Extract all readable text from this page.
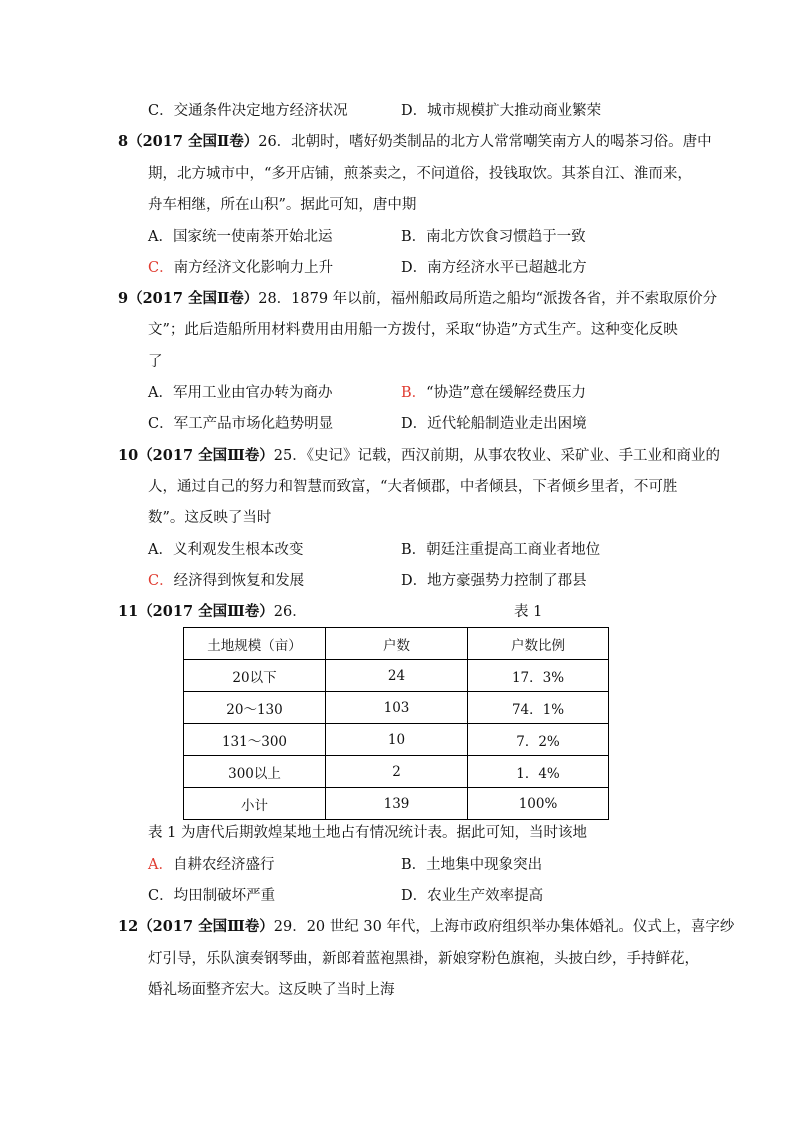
C．交通条件决定地方经济状况	D．城市规模扩大推动商业繁荣
8（2017 全国Ⅱ卷）26．北朝时，嗜好奶类制品的北方人常常嘲笑南方人的喝茶习俗。唐中
期，北方城市中，“多开店铺，煎茶卖之，不问道俗，投钱取饮。其茶自江、淮而来，
舟车相继，所在山积”。据此可知，唐中期
A．国家统一使南茶开始北运	B．南北方饮食习惯趋于一致
C．南方经济文化影响力上升	D．南方经济水平已超越北方
9（2017 全国Ⅱ卷）28．1879 年以前，福州船政局所造之船均“派拨各省，并不索取原价分
文”；此后造船所用材料费用由用船一方拨付，采取“协造”方式生产。这种变化反映
了
A．军用工业由官办转为商办	B．“协造”意在缓解经费压力
C．军工产品市场化趋势明显	D．近代轮船制造业走出困境
10（2017 全国Ⅲ卷）25．《史记》记载，西汉前期，从事农牧业、采矿业、手工业和商业的
人，通过自己的努力和智慧而致富，“大者倾郡，中者倾县，下者倾乡里者，不可胜
数”。这反映了当时
A．义利观发生根本改变	B．朝廷注重提高工商业者地位
C．经济得到恢复和发展	D．地方豪强势力控制了郡县
11（2017 全国Ⅲ卷）26．	表 1
土地规模（亩）	户数	户数比例
20以下	24	17．3%
20～130	103	74．1%
131～300	10	7．2%
300以上	2	1．4%
小计	139	100%
表 1 为唐代后期敦煌某地土地占有情况统计表。据此可知，当时该地
A．自耕农经济盛行	B．土地集中现象突出
C．均田制破坏严重	D．农业生产效率提高
12（2017 全国Ⅲ卷）29．20 世纪 30 年代，上海市政府组织举办集体婚礼。仪式上，喜字纱
灯引导，乐队演奏钢琴曲，新郎着蓝袍黑褂，新娘穿粉色旗袍，头披白纱，手持鲜花，
婚礼场面整齐宏大。这反映了当时上海
